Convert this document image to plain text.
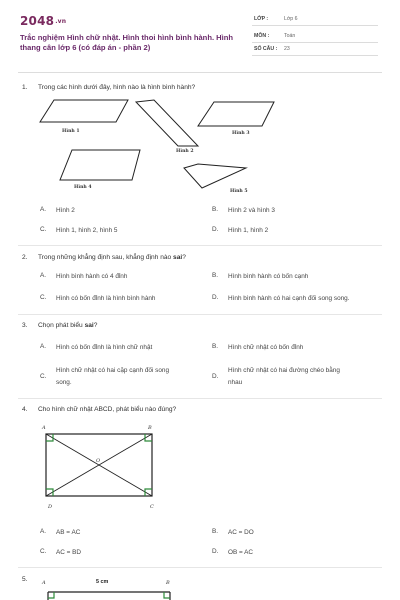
2048.vn
Trắc nghiệm Hình chữ nhật. Hình thoi hình bình hành. Hình thang cân lớp 6 (có đáp án - phần 2)
LỚP :	Lớp 6
MÔN :	Toán
SỐ CÂU : 23
1. Trong các hình dưới đây, hình nào là hình bình hành?
Hình 1
Hình 2
Hình 3
Hình 4
Hình 5
A. Hình 2	B. Hình 2 và hình 3
C. Hình 1, hình 2, hình 5	D. Hình 1, hình 2
2. Trong những khẳng định sau, khẳng định nào sai?
A. Hình bình hành có 4 đỉnh	B. Hình bình hành có bốn cạnh
C. Hình có bốn đỉnh là hình bình hành	D. Hình bình hành có hai cạnh đối song song.
3. Chọn phát biểu sai?
A. Hình có bốn đỉnh là hình chữ nhật	B. Hình chữ nhật có bốn đỉnh
C.
Hình chữ nhật có hai cặp cạnh đối song
song.
D.
Hình chữ nhật có hai đường chéo bằng
nhau
4. Cho hình chữ nhật ABCD, phát biểu nào đúng?
A	B
C
D
O
A. AB = AC	B. AC = DO
C. AC = BD	D. OB = AC
5.	A	B
5 cm
